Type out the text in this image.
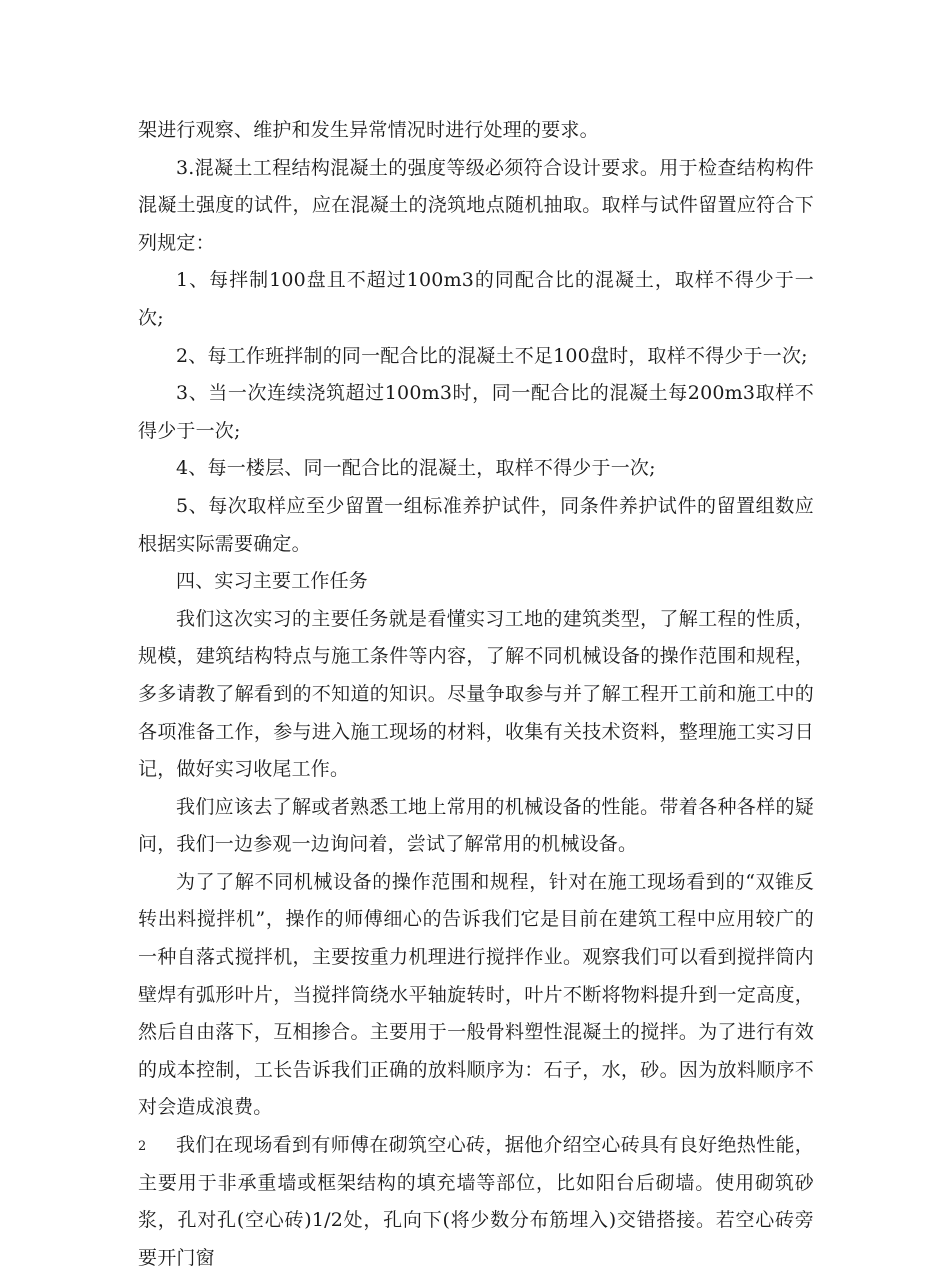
架进行观察、维护和发生异常情况时进行处理的要求。

3.混凝土工程结构混凝土的强度等级必须符合设计要求。用于检查结构构件混凝土强度的试件，应在混凝土的浇筑地点随机抽取。取样与试件留置应符合下列规定：

1、每拌制100盘且不超过100m3的同配合比的混凝土，取样不得少于一次;

2、每工作班拌制的同一配合比的混凝土不足100盘时，取样不得少于一次;

3、当一次连续浇筑超过100m3时，同一配合比的混凝土每200m3取样不得少于一次;

4、每一楼层、同一配合比的混凝土，取样不得少于一次;

5、每次取样应至少留置一组标准养护试件，同条件养护试件的留置组数应根据实际需要确定。

四、实习主要工作任务

我们这次实习的主要任务就是看懂实习工地的建筑类型，了解工程的性质，规模，建筑结构特点与施工条件等内容，了解不同机械设备的操作范围和规程，多多请教了解看到的不知道的知识。尽量争取参与并了解工程开工前和施工中的各项准备工作，参与进入施工现场的材料，收集有关技术资料，整理施工实习日记，做好实习收尾工作。

我们应该去了解或者熟悉工地上常用的机械设备的性能。带着各种各样的疑问，我们一边参观一边询问着，尝试了解常用的机械设备。

为了了解不同机械设备的操作范围和规程，针对在施工现场看到的“双锥反转出料搅拌机”，操作的师傅细心的告诉我们它是目前在建筑工程中应用较广的一种自落式搅拌机，主要按重力机理进行搅拌作业。观察我们可以看到搅拌筒内壁焊有弧形叶片，当搅拌筒绕水平轴旋转时，叶片不断将物料提升到一定高度，然后自由落下，互相掺合。主要用于一般骨料塑性混凝土的搅拌。为了进行有效的成本控制，工长告诉我们正确的放料顺序为：石子，水，砂。因为放料顺序不对会造成浪费。

我们在现场看到有师傅在砌筑空心砖，据他介绍空心砖具有良好绝热性能，主要用于非承重墙或框架结构的填充墙等部位，比如阳台后砌墙。使用砌筑砂浆，孔对孔(空心砖)1/2处，孔向下(将少数分布筋埋入)交错搭接。若空心砖旁要开门窗

2
